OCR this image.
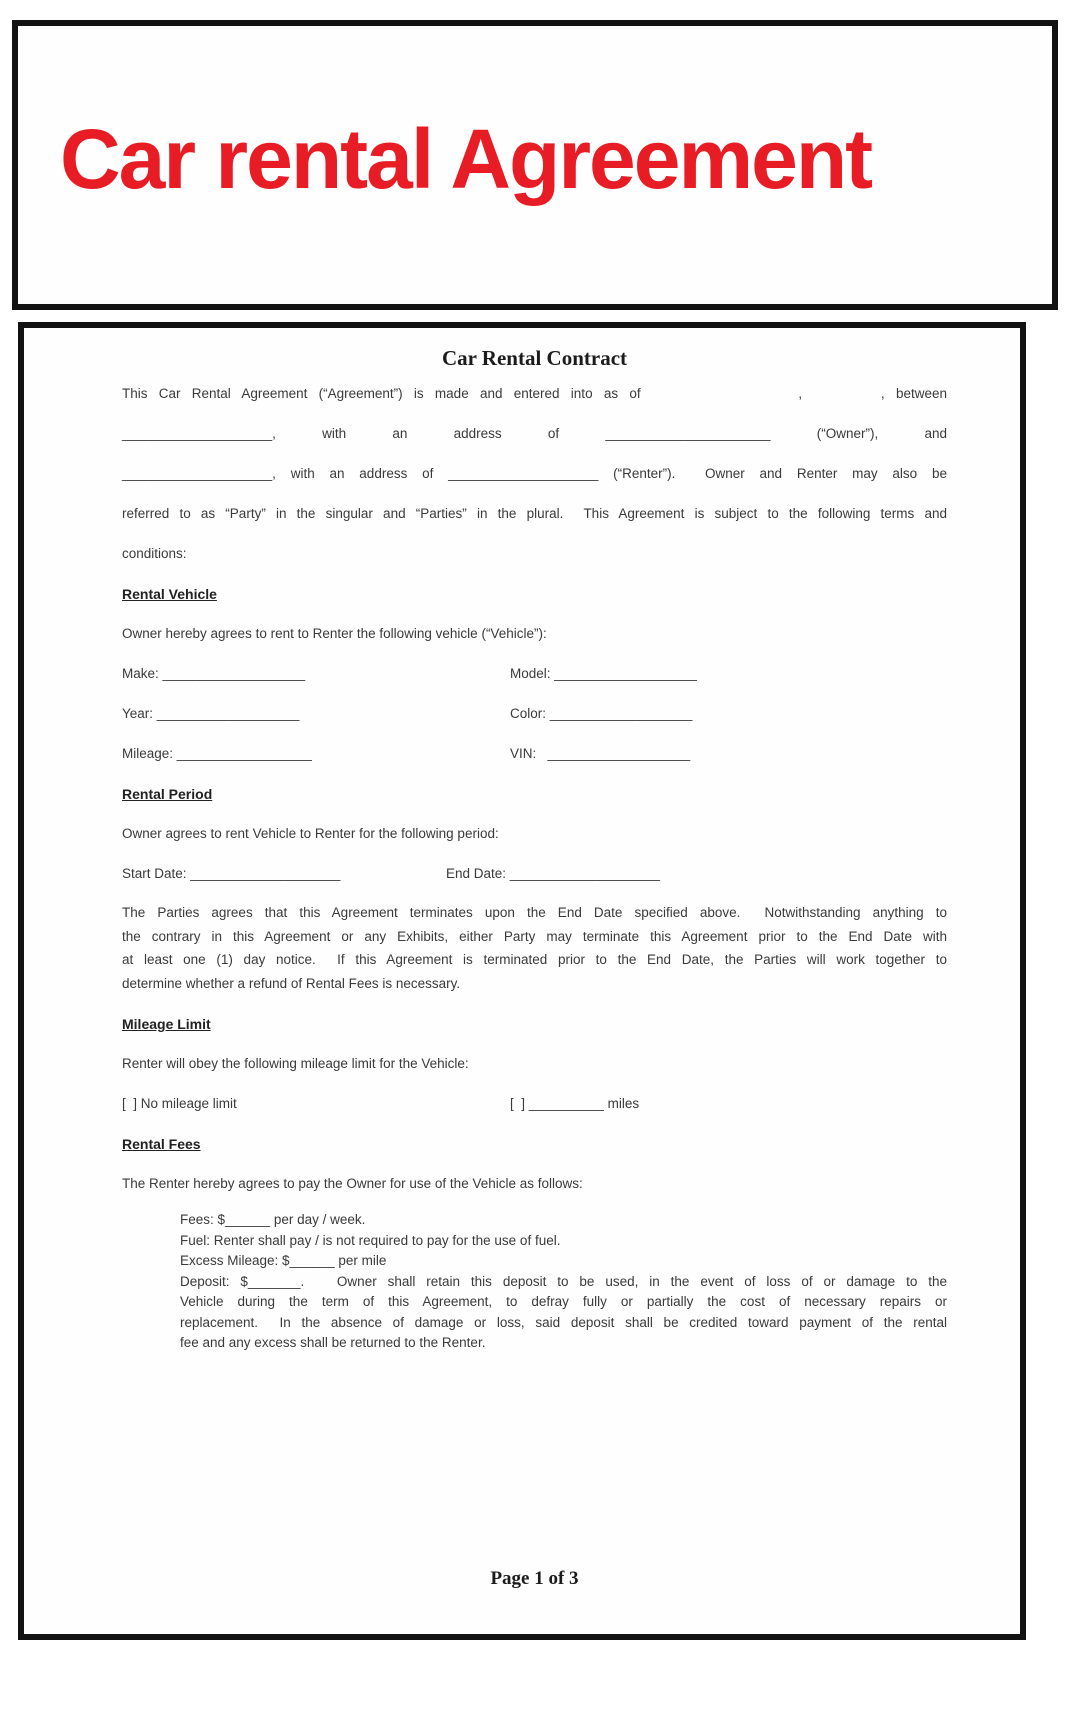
Car rental Agreement
Car Rental Contract
This Car Rental Agreement (“Agreement”) is made and entered into as of              ,       , between
____________________, with an address of ______________________ (“Owner”), and
____________________, with an address of ____________________ (“Renter”).  Owner and Renter may also be
referred to as “Party” in the singular and “Parties” in the plural.  This Agreement is subject to the following terms and
conditions:
Rental Vehicle
Owner hereby agrees to rent to Renter the following vehicle (“Vehicle”):
Make: ___________________	Model: ___________________
Year: ___________________	Color: ___________________
Mileage: __________________	VIN:   ___________________
Rental Period
Owner agrees to rent Vehicle to Renter for the following period:
Start Date: ____________________	End Date: ____________________
The Parties agrees that this Agreement terminates upon the End Date specified above.  Notwithstanding anything to
the contrary in this Agreement or any Exhibits, either Party may terminate this Agreement prior to the End Date with
at least one (1) day notice.  If this Agreement is terminated prior to the End Date, the Parties will work together to
determine whether a refund of Rental Fees is necessary.
Mileage Limit
Renter will obey the following mileage limit for the Vehicle:
[  ] No mileage limit	[  ] __________ miles
Rental Fees
The Renter hereby agrees to pay the Owner for use of the Vehicle as follows:
Fees: $______ per day / week.
Fuel: Renter shall pay / is not required to pay for the use of fuel.
Excess Mileage: $______ per mile
Deposit: $_______.   Owner shall retain this deposit to be used, in the event of loss of or damage to the
Vehicle during the term of this Agreement, to defray fully or partially the cost of necessary repairs or
replacement.  In the absence of damage or loss, said deposit shall be credited toward payment of the rental
fee and any excess shall be returned to the Renter.
Page 1 of 3
